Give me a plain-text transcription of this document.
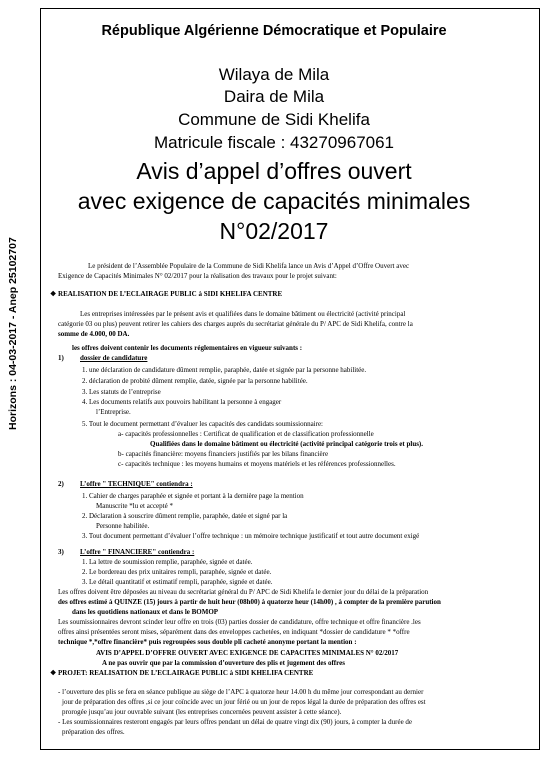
Horizons : 04-03-2017 - Anep 25102707
République Algérienne Démocratique et Populaire
Wilaya de Mila
Daira de Mila
Commune de Sidi Khelifa
Matricule fiscale : 43270967061
Avis d’appel d’offres ouvert
avec exigence de capacités minimales
N°02/2017
Le président de l’Assemblée Populaire de la Commune de Sidi Khelifa lance un Avis d’Appel d’Offre Ouvert avec
Exigence de Capacités Minimales N° 02/2017 pour la réalisation des travaux pour le projet suivant:
❖ REALISATION DE L’ECLAIRAGE PUBLIC à SIDI KHELIFA CENTRE
Les entreprises intéressées par le présent avis et qualifiées dans le domaine bâtiment ou électricité (activité principal
catégorie 03 ou plus) peuvent retirer les cahiers des charges auprès du secrétariat générale du P/ APC de Sidi Khelifa, contre la
somme de 4.000, 00 DA.
les offres doivent contenir les documents réglementaires en vigueur suivants :
1) dossier de candidature
1. une déclaration de candidature dûment remplie, paraphée, datée et signée par la personne habilitée.
2. déclaration de probité dûment remplie, datée, signée par la personne habilitée.
3. Les statuts de l’entreprise
4. Les documents relatifs aux pouvoirs habilitant la personne à engager
l’Entreprise.
5. Tout le document permettant d’évaluer les capacités des candidats soumissionnaire:
a- capacités professionnelles : Certificat de qualification et de classification professionnelle
Qualifiées dans le domaine bâtiment ou électricité (activité principal catégorie trois et plus).
b- capacités financière: moyens financiers justifiés par les bilans financière
c- capacités technique : les moyens humains et moyens matériels et les références professionnelles.
2) L’offre " TECHNIQUE" contiendra :
1. Cahier de charges paraphée et signée et portant à la dernière page la mention
Manuscrite *lu et accepté *
2. Déclaration à souscrire dûment remplie, paraphée, datée et signé par la
Personne habilitée.
3. Tout document permettant d’évaluer l’offre technique : un mémoire technique justificatif et tout autre document exigé
3) L’offre " FINANCIERE" contiendra :
1. La lettre de soumission remplie, paraphée, signée et datée.
2. Le bordereau des prix unitaires rempli, paraphée, signée et datée.
3. Le détail quantitatif et estimatif rempli, paraphée, signée et datée.
Les offres doivent être déposées au niveau du secrétariat général du P/ APC de Sidi Khelifa le dernier jour du délai de la préparation
des offres estimé à QUINZE (15) jours à partir de huit heur (08h00) à quatorze heur (14h00) , à compter de la première parution
dans les quotidiens nationaux et dans le BOMOP
Les soumissionnaires devront scinder leur offre en trois (03) parties dossier de candidature, offre technique et offre financière .les
offres ainsi présentées seront mises, séparément dans des enveloppes cachetées, en indiquant *dossier de candidature * *offre
technique *,*offre financière* puis regroupées sous double pli cacheté anonyme portant la mention :
AVIS D’APPEL D’OFFRE OUVERT AVEC EXIGENCE DE CAPACITES MINIMALES N° 02/2017
A ne pas ouvrir que par la commission d’ouverture des plis et jugement des offres
❖ PROJET: REALISATION DE L’ECLAIRAGE PUBLIC à SIDI KHELIFA CENTRE
- l’ouverture des plis se fera en séance publique au siège de l’APC à quatorze heur 14.00 h du même jour correspondant au dernier
jour de préparation des offres ,si ce jour coïncide avec un jour férié ou un jour de repos légal la durée de préparation des offres est
prorogée jusqu’au jour ouvrable suivant (les entreprises concernées peuvent assister à cette séance).
- Les soumissionnaires resteront engagés par leurs offres pendant un délai de quatre vingt dix (90) jours, à compter la durée de
préparation des offres.
